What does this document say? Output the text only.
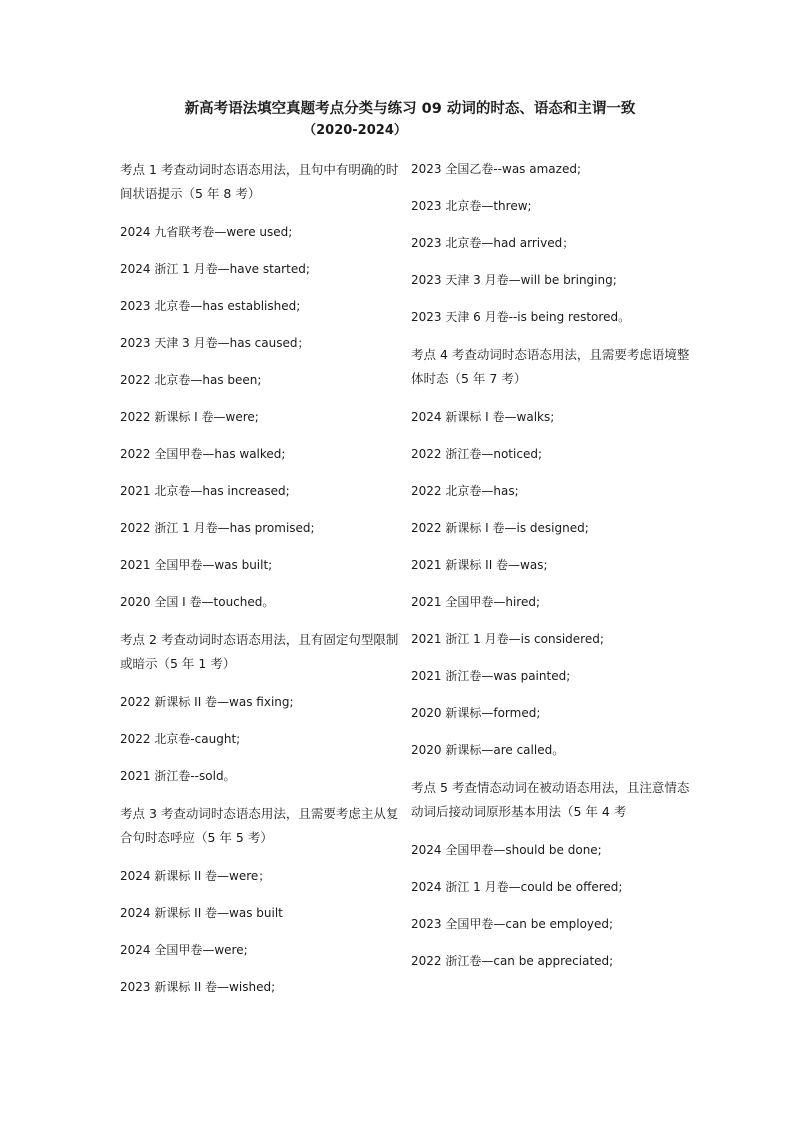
新高考语法填空真题考点分类与练习 09 动词的时态、语态和主谓一致
（2020-2024）
考点 1 考查动词时态语态用法，且句中有明确的时间状语提示（5 年 8 考）
2024 九省联考卷—were used;
2024 浙江 1 月卷—have started;
2023 北京卷—has established;
2023 天津 3 月卷—has caused；
2022 北京卷—has been;
2022 新课标 I 卷—were;
2022 全国甲卷—has walked;
2021 北京卷—has increased;
2022 浙江 1 月卷—has promised;
2021 全国甲卷—was built;
2020 全国 I 卷—touched。
考点 2 考查动词时态语态用法，且有固定句型限制或暗示（5 年 1 考）
2022 新课标 II 卷—was fixing;
2022 北京卷-caught;
2021 浙江卷--sold。
考点 3 考查动词时态语态用法，且需要考虑主从复合句时态呼应（5 年 5 考）
2024 新课标 II 卷—were；
2024 新课标 II 卷—was built
2024 全国甲卷—were;
2023 新课标 II 卷—wished;
2023 全国乙卷--was amazed;
2023 北京卷—threw;
2023 北京卷—had arrived；
2023 天津 3 月卷—will be bringing;
2023 天津 6 月卷--is being restored。
考点 4 考查动词时态语态用法，且需要考虑语境整体时态（5 年 7 考）
2024 新课标 I 卷—walks;
2022 浙江卷—noticed;
2022 北京卷—has;
2022 新课标 I 卷—is designed;
2021 新课标 II 卷—was;
2021 全国甲卷—hired;
2021 浙江 1 月卷—is considered;
2021 浙江卷—was painted;
2020 新课标—formed;
2020 新课标—are called。
考点 5 考查情态动词在被动语态用法，且注意情态动词后接动词原形基本用法（5 年 4 考
2024 全国甲卷—should be done;
2024 浙江 1 月卷—could be offered;
2023 全国甲卷—can be employed;
2022 浙江卷—can be appreciated;
